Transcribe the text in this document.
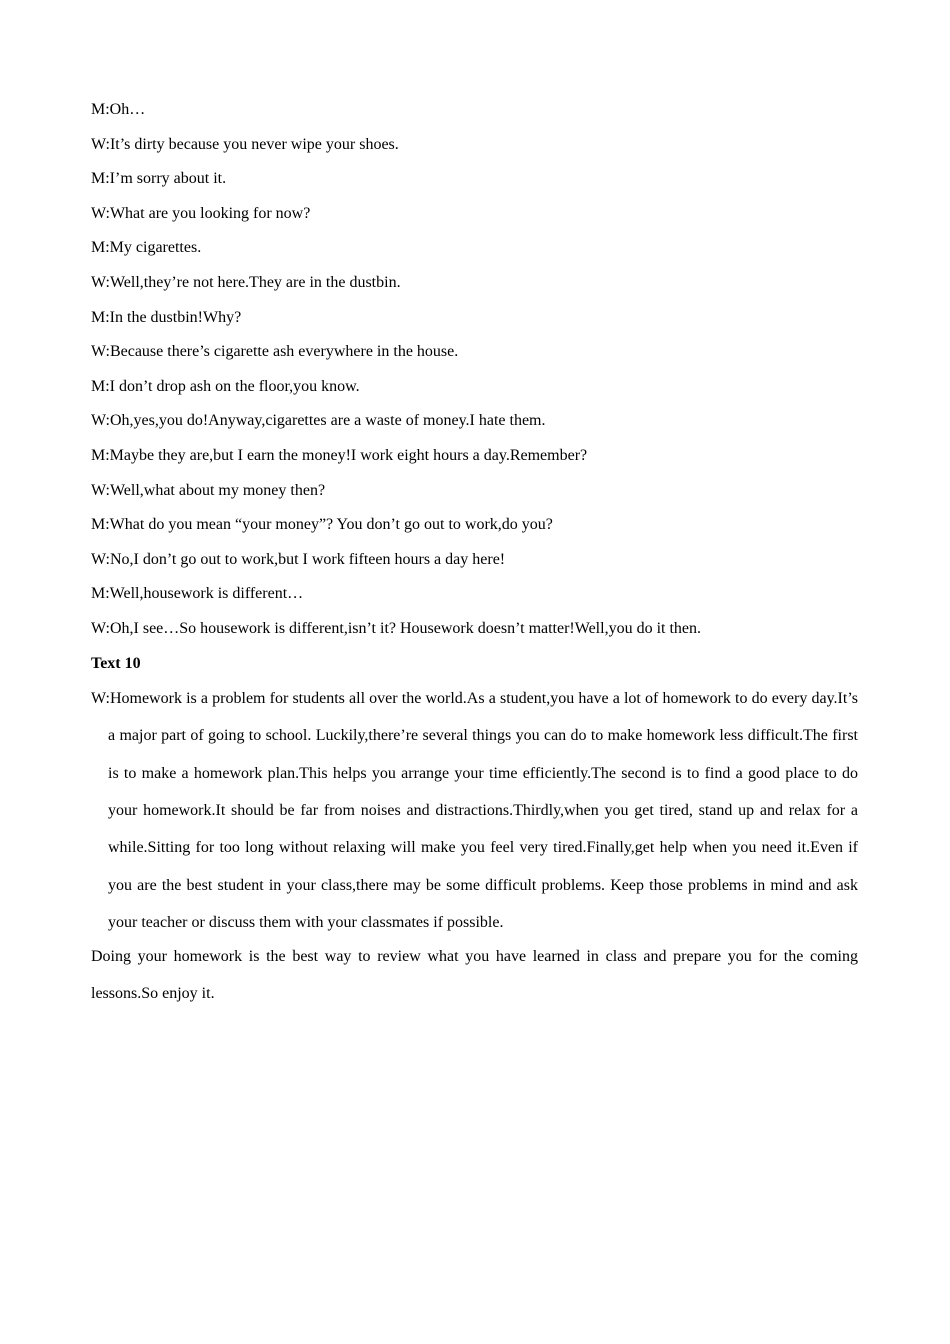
M:Oh…
W:It’s dirty because you never wipe your shoes.
M:I’m sorry about it.
W:What are you looking for now?
M:My cigarettes.
W:Well,they’re not here.They are in the dustbin.
M:In the dustbin!Why?
W:Because there’s cigarette ash everywhere in the house.
M:I don’t drop ash on the floor,you know.
W:Oh,yes,you do!Anyway,cigarettes are a waste of money.I hate them.
M:Maybe they are,but I earn the money!I work eight hours a day.Remember?
W:Well,what about my money then?
M:What do you mean “your money”? You don’t go out to work,do you?
W:No,I don’t go out to work,but I work fifteen hours a day here!
M:Well,housework is different…
W:Oh,I see…So housework is different,isn’t it? Housework doesn’t matter!Well,you do it then.
Text 10

W:Homework is a problem for students all over the world.As a student,you have a lot of homework to do every day.It’s a major part of going to school. Luckily,there’re several things you can do to make homework less difficult.The first is to make a homework plan.This helps you arrange your time efficiently.The second is to find a good place to do your homework.It should be far from noises and distractions.Thirdly,when you get tired, stand up and relax for a while.Sitting for too long without relaxing will make you feel very tired.Finally,get help when you need it.Even if you are the best student in your class,there may be some difficult problems. Keep those problems in mind and ask your teacher or discuss them with your classmates if possible.

Doing your homework is the best way to review what you have learned in class and prepare you for the coming lessons.So enjoy it.
